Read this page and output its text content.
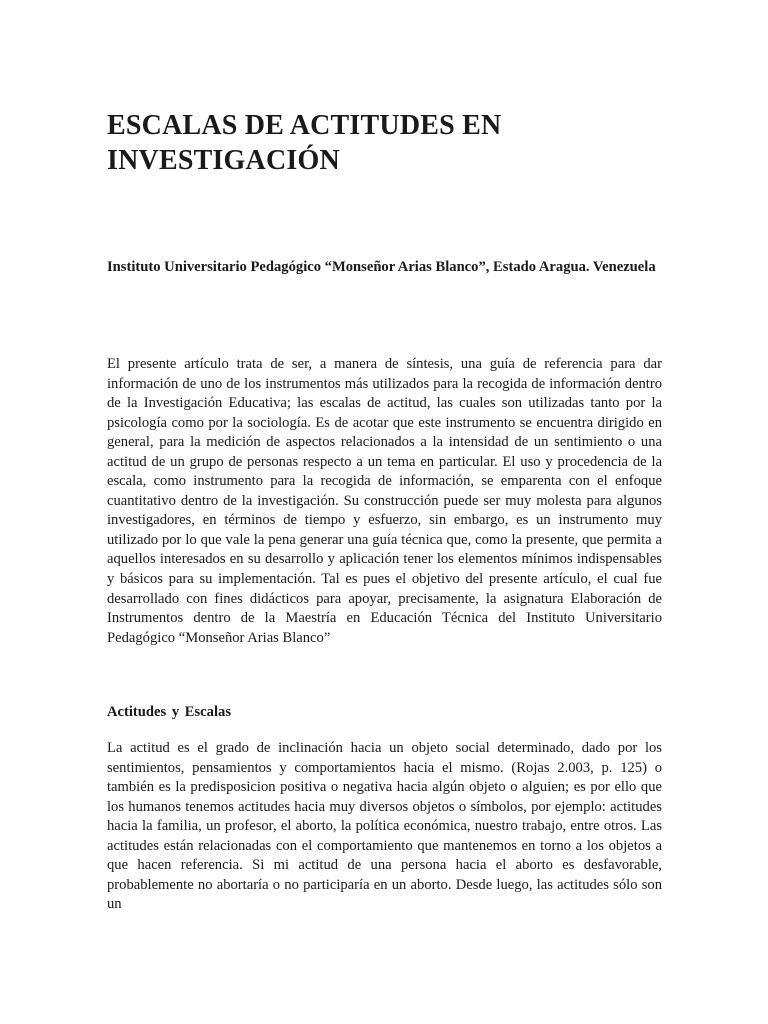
ESCALAS DE ACTITUDES EN INVESTIGACIÓN

Instituto Universitario Pedagógico “Monseñor Arias Blanco”, Estado Aragua. Venezuela

El presente artículo trata de ser, a manera de síntesis, una guía de referencia para dar información de uno de los instrumentos más utilizados para la recogida de información dentro de la Investigación Educativa; las escalas de actitud, las cuales son utilizadas tanto por la psicología como por la sociología. Es de acotar que este instrumento se encuentra dirigido en general, para la medición de aspectos relacionados a la intensidad de un sentimiento o una actitud de un grupo de personas respecto a un tema en particular. El uso y procedencia de la escala, como instrumento para la recogida de información, se emparenta con el enfoque cuantitativo dentro de la investigación. Su construcción puede ser muy molesta para algunos investigadores, en términos de tiempo y esfuerzo, sin embargo, es un instrumento muy utilizado por lo que vale la pena generar una guía técnica que, como la presente, que permita a aquellos interesados en su desarrollo y aplicación tener los elementos mínimos indispensables y básicos para su implementación. Tal es pues el objetivo del presente artículo, el cual fue desarrollado con fines didácticos para apoyar, precisamente, la asignatura Elaboración de Instrumentos dentro de la Maestría en Educación Técnica del Instituto Universitario Pedagógico “Monseñor Arias Blanco”

Actitudes y Escalas

La actitud es el grado de inclinación hacia un objeto social determinado, dado por los sentimientos, pensamientos y comportamientos hacia el mismo. (Rojas 2.003, p. 125) o también es la predisposicion positiva o negativa hacia algún objeto o alguien; es por ello que los humanos tenemos actitudes hacia muy diversos objetos o símbolos, por ejemplo: actitudes hacia la familia, un profesor, el aborto, la política económica, nuestro trabajo, entre otros. Las actitudes están relacionadas con el comportamiento que mantenemos en torno a los objetos a que hacen referencia. Si mi actitud de una persona hacia el aborto es desfavorable, probablemente no abortaría o no participaría en un aborto. Desde luego, las actitudes sólo son un
